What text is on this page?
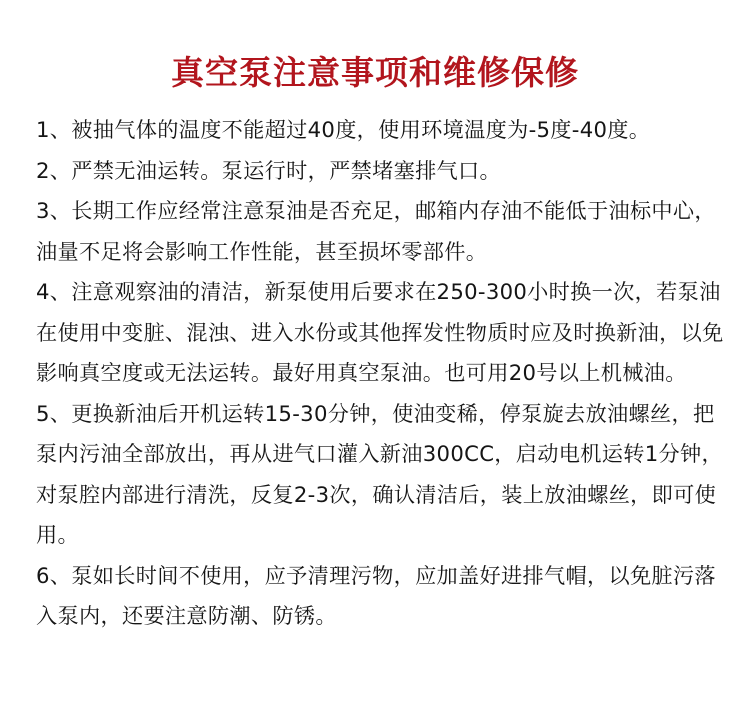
真空泵注意事项和维修保修
1、被抽气体的温度不能超过40度，使用环境温度为-5度-40度。
2、严禁无油运转。泵运行时，严禁堵塞排气口。
3、长期工作应经常注意泵油是否充足，邮箱内存油不能低于油标中心，油量不足将会影响工作性能，甚至损坏零部件。
4、注意观察油的清洁，新泵使用后要求在250-300小时换一次，若泵油在使用中变脏、混浊、进入水份或其他挥发性物质时应及时换新油，以免影响真空度或无法运转。最好用真空泵油。也可用20号以上机械油。
5、更换新油后开机运转15-30分钟，使油变稀，停泵旋去放油螺丝，把泵内污油全部放出，再从进气口灌入新油300CC，启动电机运转1分钟，对泵腔内部进行清洗，反复2-3次，确认清洁后，装上放油螺丝，即可使用。
6、泵如长时间不使用，应予清理污物，应加盖好进排气帽，以免脏污落入泵内，还要注意防潮、防锈。
